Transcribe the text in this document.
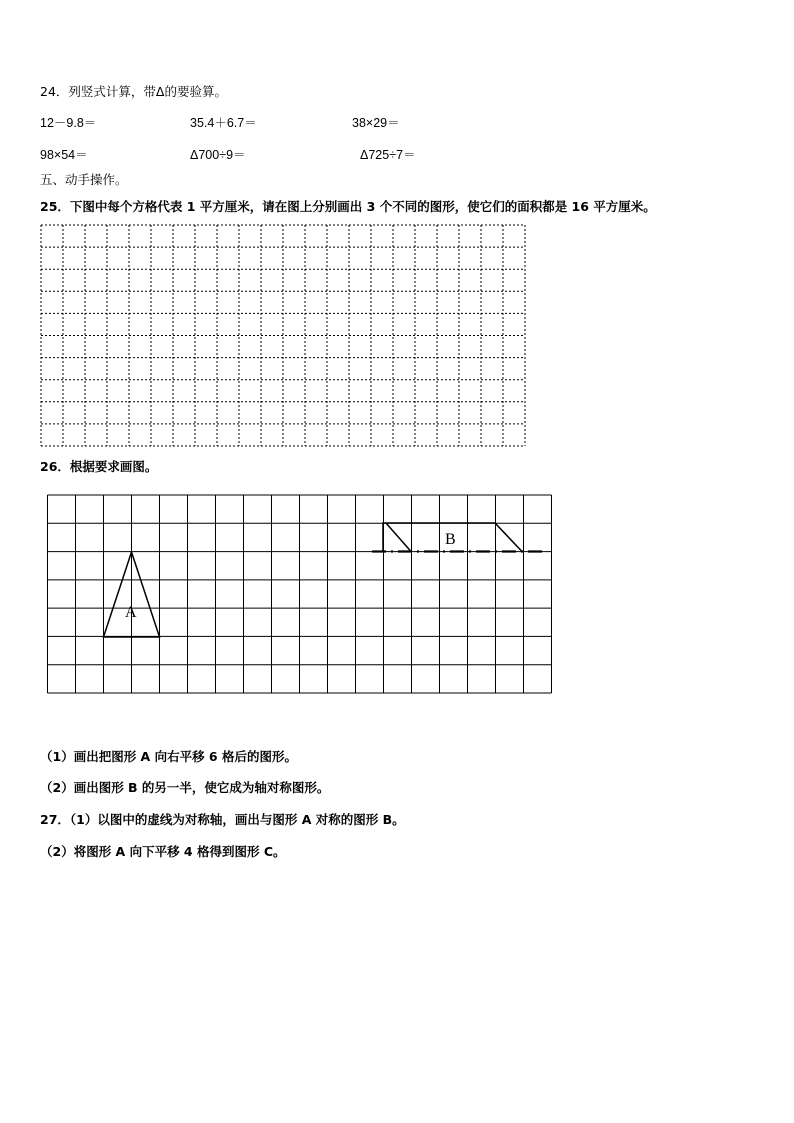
24．列竖式计算，带Δ的要验算。
12－9.8＝	35.4＋6.7＝	38×29＝
98×54＝	Δ700÷9＝	Δ725÷7＝
五、动手操作。
25．下图中每个方格代表 1 平方厘米，请在图上分别画出 3 个不同的图形，使它们的面积都是 16 平方厘米。
A
B
26．根据要求画图。
（1）画出把图形 A 向右平移 6 格后的图形。
（2）画出图形 B 的另一半，使它成为轴对称图形。
27．（1）以图中的虚线为对称轴，画出与图形 A 对称的图形 B。
（2）将图形 A 向下平移 4 格得到图形 C。
